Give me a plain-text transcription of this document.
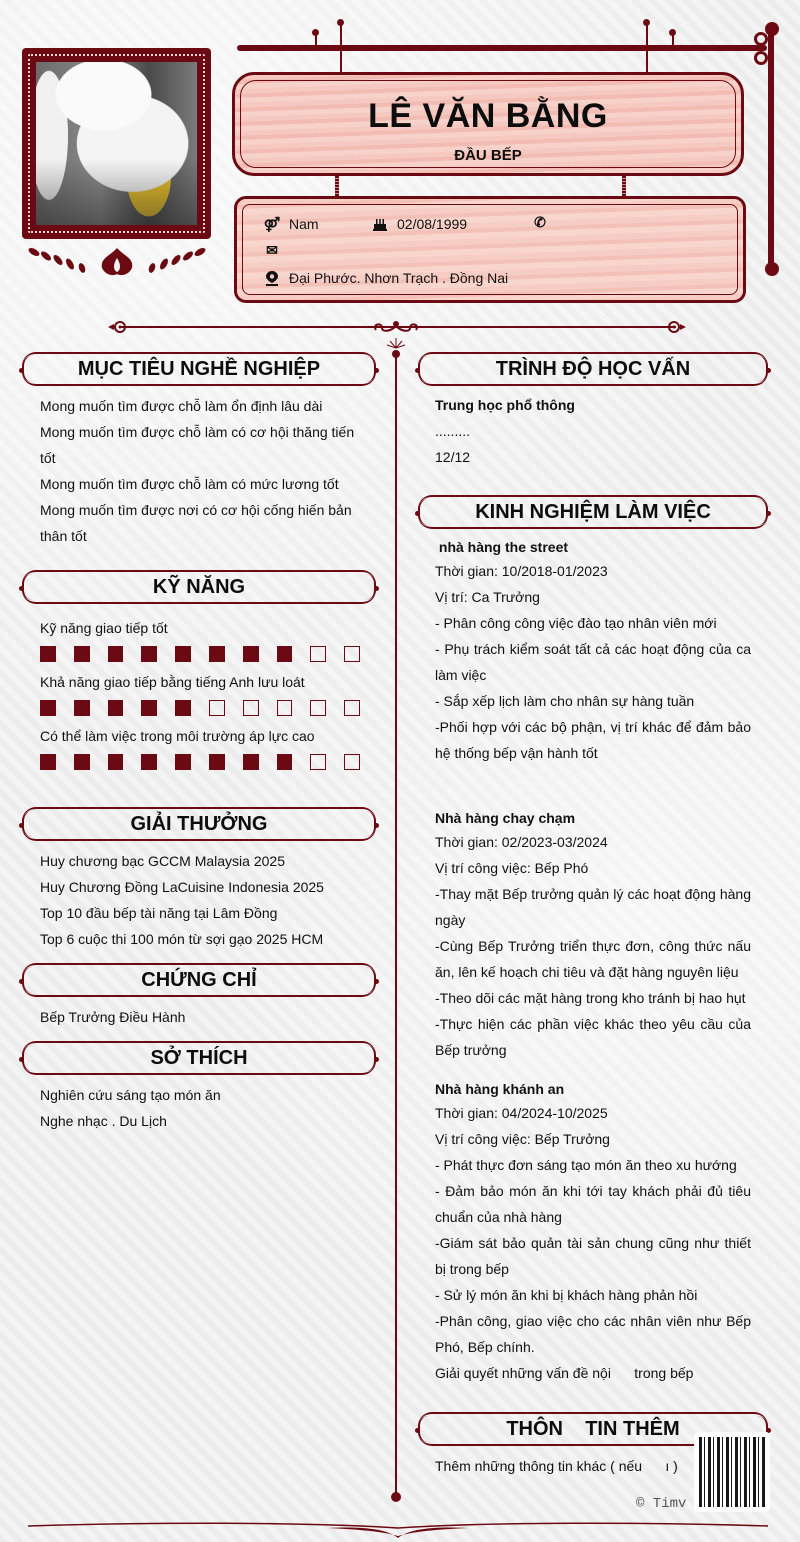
LÊ VĂN BẰNG
ĐẦU BẾP
⚤ Nam	02/08/1999	✆
✉
Đại Phước. Nhơn Trạch . Đồng Nai
MỤC TIÊU NGHỀ NGHIỆP
Mong muốn tìm được chỗ làm ổn định lâu dài
Mong muốn tìm được chỗ làm có cơ hội thăng tiến tốt
Mong muốn tìm được chỗ làm có mức lương tốt
Mong muốn tìm được nơi có cơ hội cống hiến bản thân tốt
KỸ NĂNG
Kỹ năng giao tiếp tốt
Khả năng giao tiếp bằng tiếng Anh lưu loát
Có thể làm việc trong môi trường áp lực cao
GIẢI THƯỞNG
Huy chương bạc GCCM Malaysia 2025
Huy Chương Đồng LaCuisine Indonesia 2025
Top 10 đầu bếp tài năng tại Lâm Đồng
Top 6 cuộc thi 100 món từ sợi gạo 2025 HCM
CHỨNG CHỈ
Bếp Trưởng Điều Hành
SỞ THÍCH
Nghiên cứu sáng tạo món ăn
Nghe nhạc . Du Lịch
TRÌNH ĐỘ HỌC VẤN
Trung học phổ thông
.........
12/12
KINH NGHIỆM LÀM VIỆC
nhà hàng the street
Thời gian: 10/2018-01/2023
Vị trí: Ca Trưởng
- Phân công công việc đào tạo nhân viên mới
- Phụ trách kiểm soát tất cả các hoạt động của ca làm việc
- Sắp xếp lịch làm cho nhân sự hàng tuần
-Phối hợp với các bộ phận, vị trí khác để đảm bảo hệ thống bếp vận hành tốt
Nhà hàng chay chạm
Thời gian: 02/2023-03/2024
Vị trí công việc: Bếp Phó
-Thay mặt Bếp trưởng quản lý các hoạt động hàng ngày
-Cùng Bếp Trưởng triển thực đơn, công thức nấu ăn, lên kế hoạch chi tiêu và đặt hàng nguyên liệu
-Theo dõi các mặt hàng trong kho tránh bị hao hụt
-Thực hiện các phần việc khác theo yêu cầu của Bếp trưởng
Nhà hàng khánh an
Thời gian: 04/2024-10/2025
Vị trí công việc: Bếp Trưởng
- Phát thực đơn sáng tạo món ăn theo xu hướng
- Đảm bảo món ăn khi tới tay khách phải đủ tiêu chuẩn của nhà hàng
-Giám sát bảo quản tài sản chung cũng như thiết bị trong bếp
- Sử lý món ăn khi bị khách hàng phản hồi
-Phân công, giao việc cho các nhân viên như Bếp Phó, Bếp chính.
Giải quyết những vấn đề nội      trong bếp
THÔN    TIN THÊM
Thêm những thông tin khác ( nếu      ı )
© Timv
